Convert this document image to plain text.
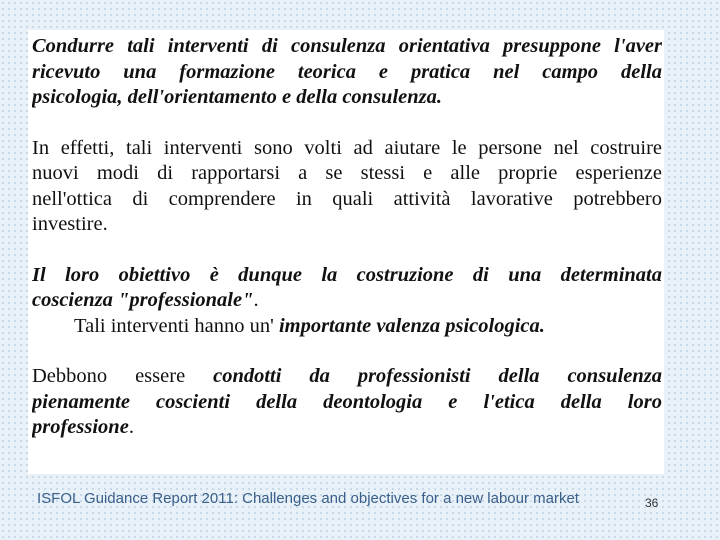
Condurre tali interventi di consulenza orientativa presuppone l'aver
ricevuto una formazione teorica e pratica nel campo della
psicologia, dell'orientamento e della consulenza.

In effetti, tali interventi sono volti ad aiutare le persone nel costruire
nuovi modi di rapportarsi a se stessi e alle proprie esperienze
nell'ottica di comprendere in quali attività lavorative potrebbero
investire.

Il loro obiettivo è dunque la costruzione di una determinata
coscienza "professionale".
Tali interventi hanno un' importante valenza psicologica.

Debbono essere condotti da professionisti della consulenza
pienamente coscienti della deontologia e l'etica della loro
professione.

ISFOL Guidance Report 2011: Challenges and objectives for a new labour market	36
